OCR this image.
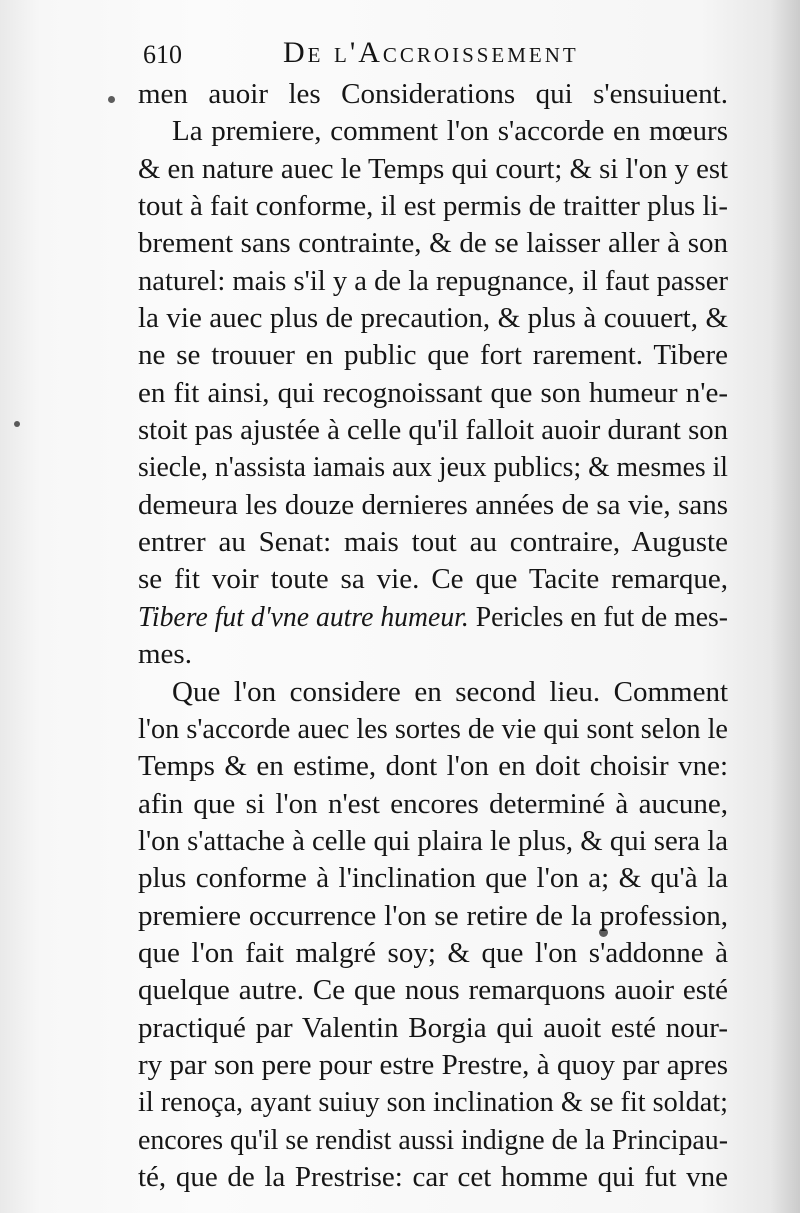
610	De l'Accroissement
men auoir les Considerations qui s'ensuiuent.
La premiere, comment l'on s'accorde en mœurs
& en nature auec le Temps qui court; & si l'on y est
tout à fait conforme, il est permis de traitter plus li-
brement sans contrainte, & de se laisser aller à son
naturel: mais s'il y a de la repugnance, il faut passer
la vie auec plus de precaution, & plus à couuert, &
ne se trouuer en public que fort rarement. Tibere
en fit ainsi, qui recognoissant que son humeur n'e-
stoit pas ajustée à celle qu'il falloit auoir durant son
siecle, n'assista iamais aux jeux publics; & mesmes il
demeura les douze dernieres années de sa vie, sans
entrer au Senat: mais tout au contraire, Auguste
se fit voir toute sa vie. Ce que Tacite remarque,
Tibere fut d'vne autre humeur. Pericles en fut de mes-
mes.
Que l'on considere en second lieu. Comment
l'on s'accorde auec les sortes de vie qui sont selon le
Temps & en estime, dont l'on en doit choisir vne:
afin que si l'on n'est encores determiné à aucune,
l'on s'attache à celle qui plaira le plus, & qui sera la
plus conforme à l'inclination que l'on a; & qu'à la
premiere occurrence l'on se retire de la profession,
que l'on fait malgré soy; & que l'on s'addonne à
quelque autre. Ce que nous remarquons auoir esté
practiqué par Valentin Borgia qui auoit esté nour-
ry par son pere pour estre Prestre, à quoy par apres
il renoça, ayant suiuy son inclination & se fit soldat;
encores qu'il se rendist aussi indigne de la Principau-
té, que de la Prestrise: car cet homme qui fut vne
